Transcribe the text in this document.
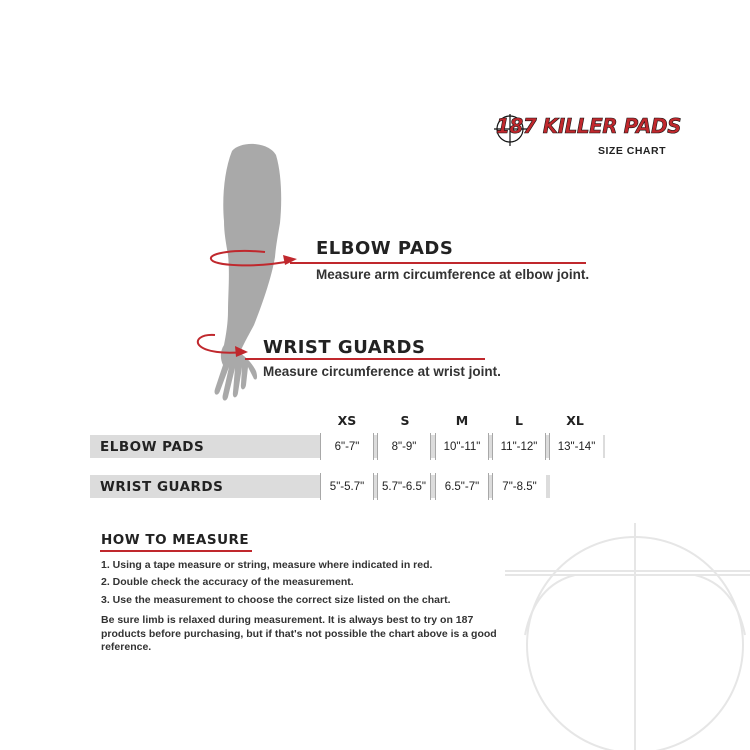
187 KILLER PADS
SIZE CHART
ELBOW PADS
Measure arm circumference at elbow joint.
WRIST GUARDS
Measure circumference at wrist joint.
XS	S	M	L	XL
ELBOW PADS	6"-7"	8"-9"	10"-11"	11"-12"	13"-14"
WRIST GUARDS	5"-5.7"	5.7"-6.5"	6.5"-7"	7"-8.5"
HOW TO MEASURE
1. Using a tape measure or string, measure where indicated in red.
2. Double check the accuracy of the measurement.
3. Use the measurement to choose the correct size listed on the chart.
Be sure limb is relaxed during measurement. It is always best to try on 187 products before purchasing, but if that's not possible the chart above is a good reference.
